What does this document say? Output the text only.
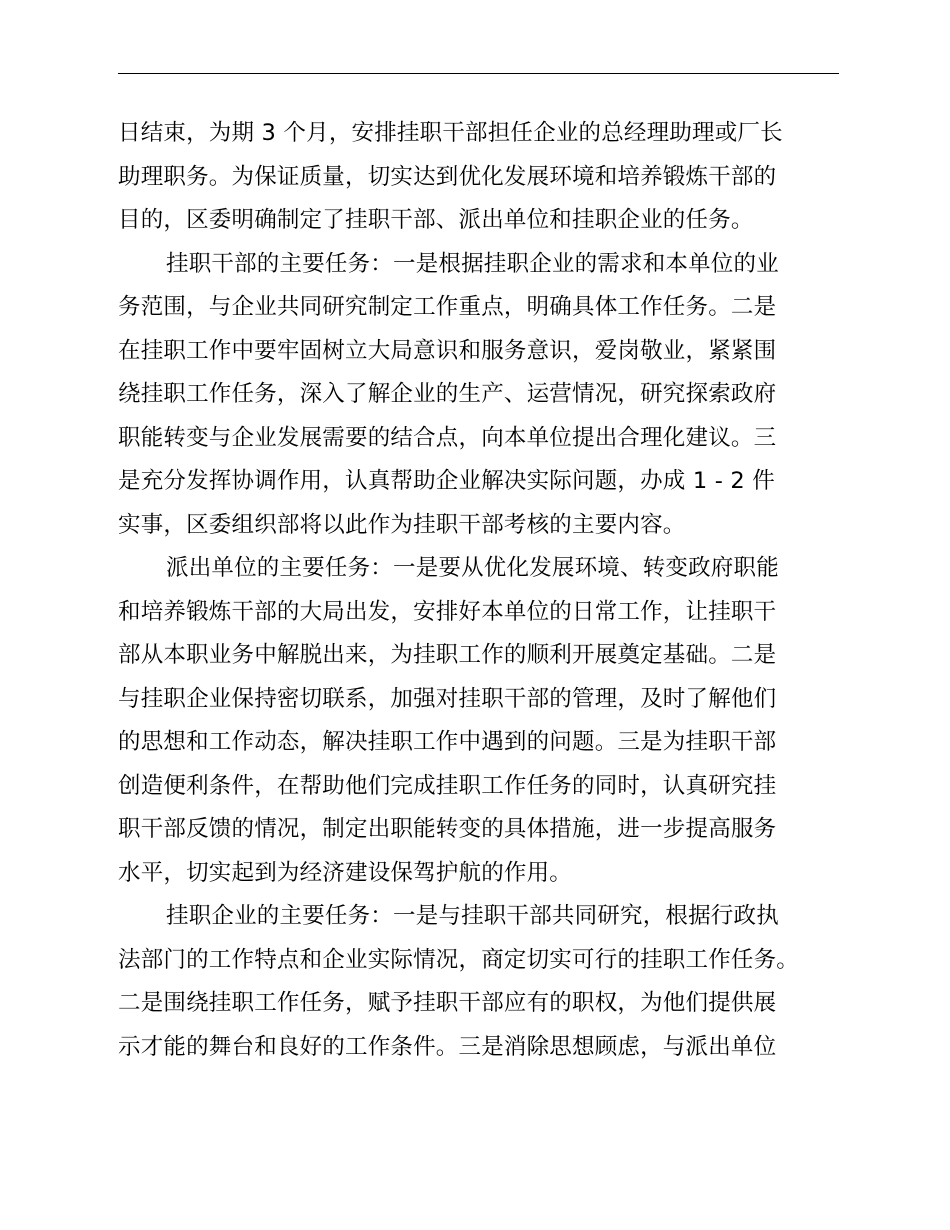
日结束，为期 3 个月，安排挂职干部担任企业的总经理助理或厂长
助理职务。为保证质量，切实达到优化发展环境和培养锻炼干部的
目的，区委明确制定了挂职干部、派出单位和挂职企业的任务。
挂职干部的主要任务：一是根据挂职企业的需求和本单位的业
务范围，与企业共同研究制定工作重点，明确具体工作任务。二是
在挂职工作中要牢固树立大局意识和服务意识，爱岗敬业，紧紧围
绕挂职工作任务，深入了解企业的生产、运营情况，研究探索政府
职能转变与企业发展需要的结合点，向本单位提出合理化建议。三
是充分发挥协调作用，认真帮助企业解决实际问题，办成 1 - 2 件
实事，区委组织部将以此作为挂职干部考核的主要内容。
派出单位的主要任务：一是要从优化发展环境、转变政府职能
和培养锻炼干部的大局出发，安排好本单位的日常工作，让挂职干
部从本职业务中解脱出来，为挂职工作的顺利开展奠定基础。二是
与挂职企业保持密切联系，加强对挂职干部的管理，及时了解他们
的思想和工作动态，解决挂职工作中遇到的问题。三是为挂职干部
创造便利条件，在帮助他们完成挂职工作任务的同时，认真研究挂
职干部反馈的情况，制定出职能转变的具体措施，进一步提高服务
水平，切实起到为经济建设保驾护航的作用。
挂职企业的主要任务：一是与挂职干部共同研究，根据行政执
法部门的工作特点和企业实际情况，商定切实可行的挂职工作任务。
二是围绕挂职工作任务，赋予挂职干部应有的职权，为他们提供展
示才能的舞台和良好的工作条件。三是消除思想顾虑，与派出单位
